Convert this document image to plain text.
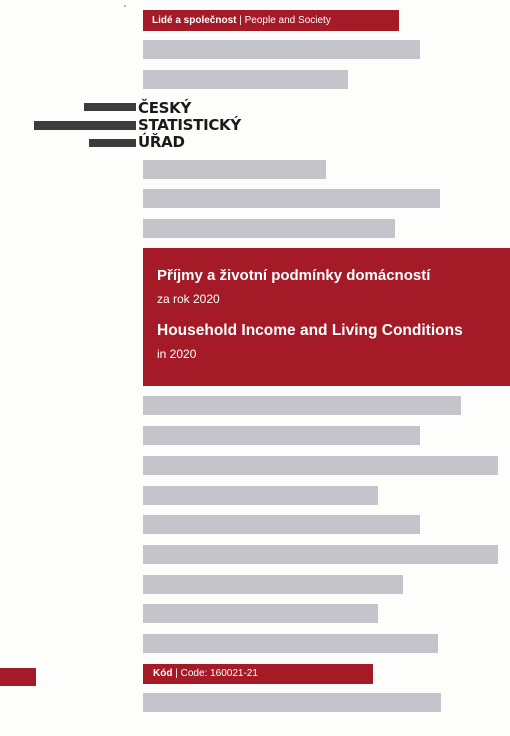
'
Lidé a společnost | People and Society
ČESKÝ
STATISTICKÝ
ÚŘAD
Příjmy a životní podmínky domácností
za rok 2020
Household Income and Living Conditions
in 2020
Kód | Code: 160021-21
